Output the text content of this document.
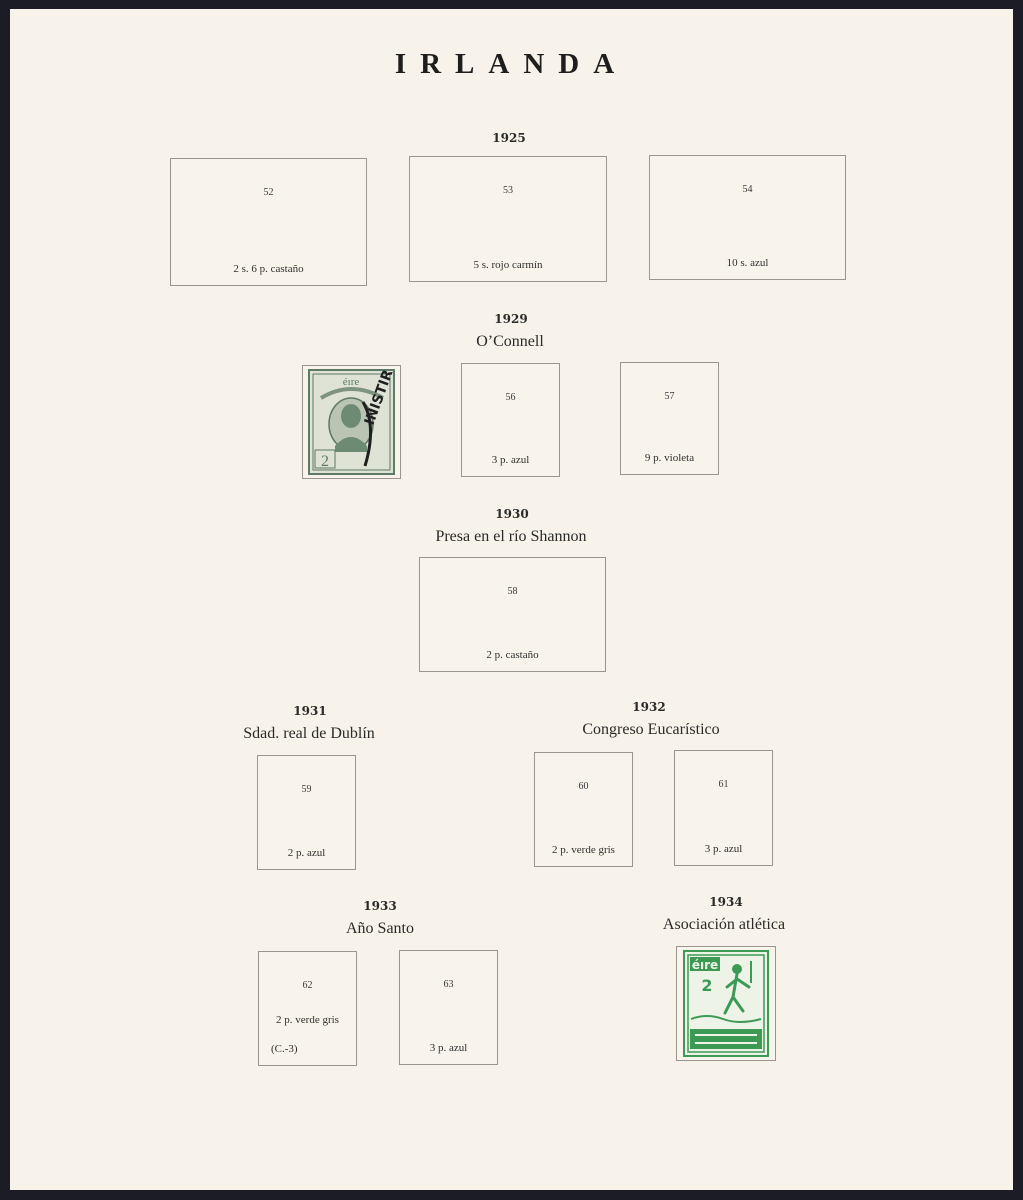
IRLANDA
1925
52
2 s. 6 p. castaño
53
5 s. rojo carmín
54
10 s. azul
1929
O’Connell
éıre
2
INISTIR	56
3 p. azul
57
9 p. violeta
1930
Presa en el río Shannon
58
2 p. castaño
1931
Sdad. real de Dublín
59
2 p. azul
1932
Congreso Eucarístico
60
2 p. verde gris
61
3 p. azul
1933
Año Santo
62
2 p. verde gris
(C.-3)
63
3 p. azul
1934
Asociación atlética
éıre
2
